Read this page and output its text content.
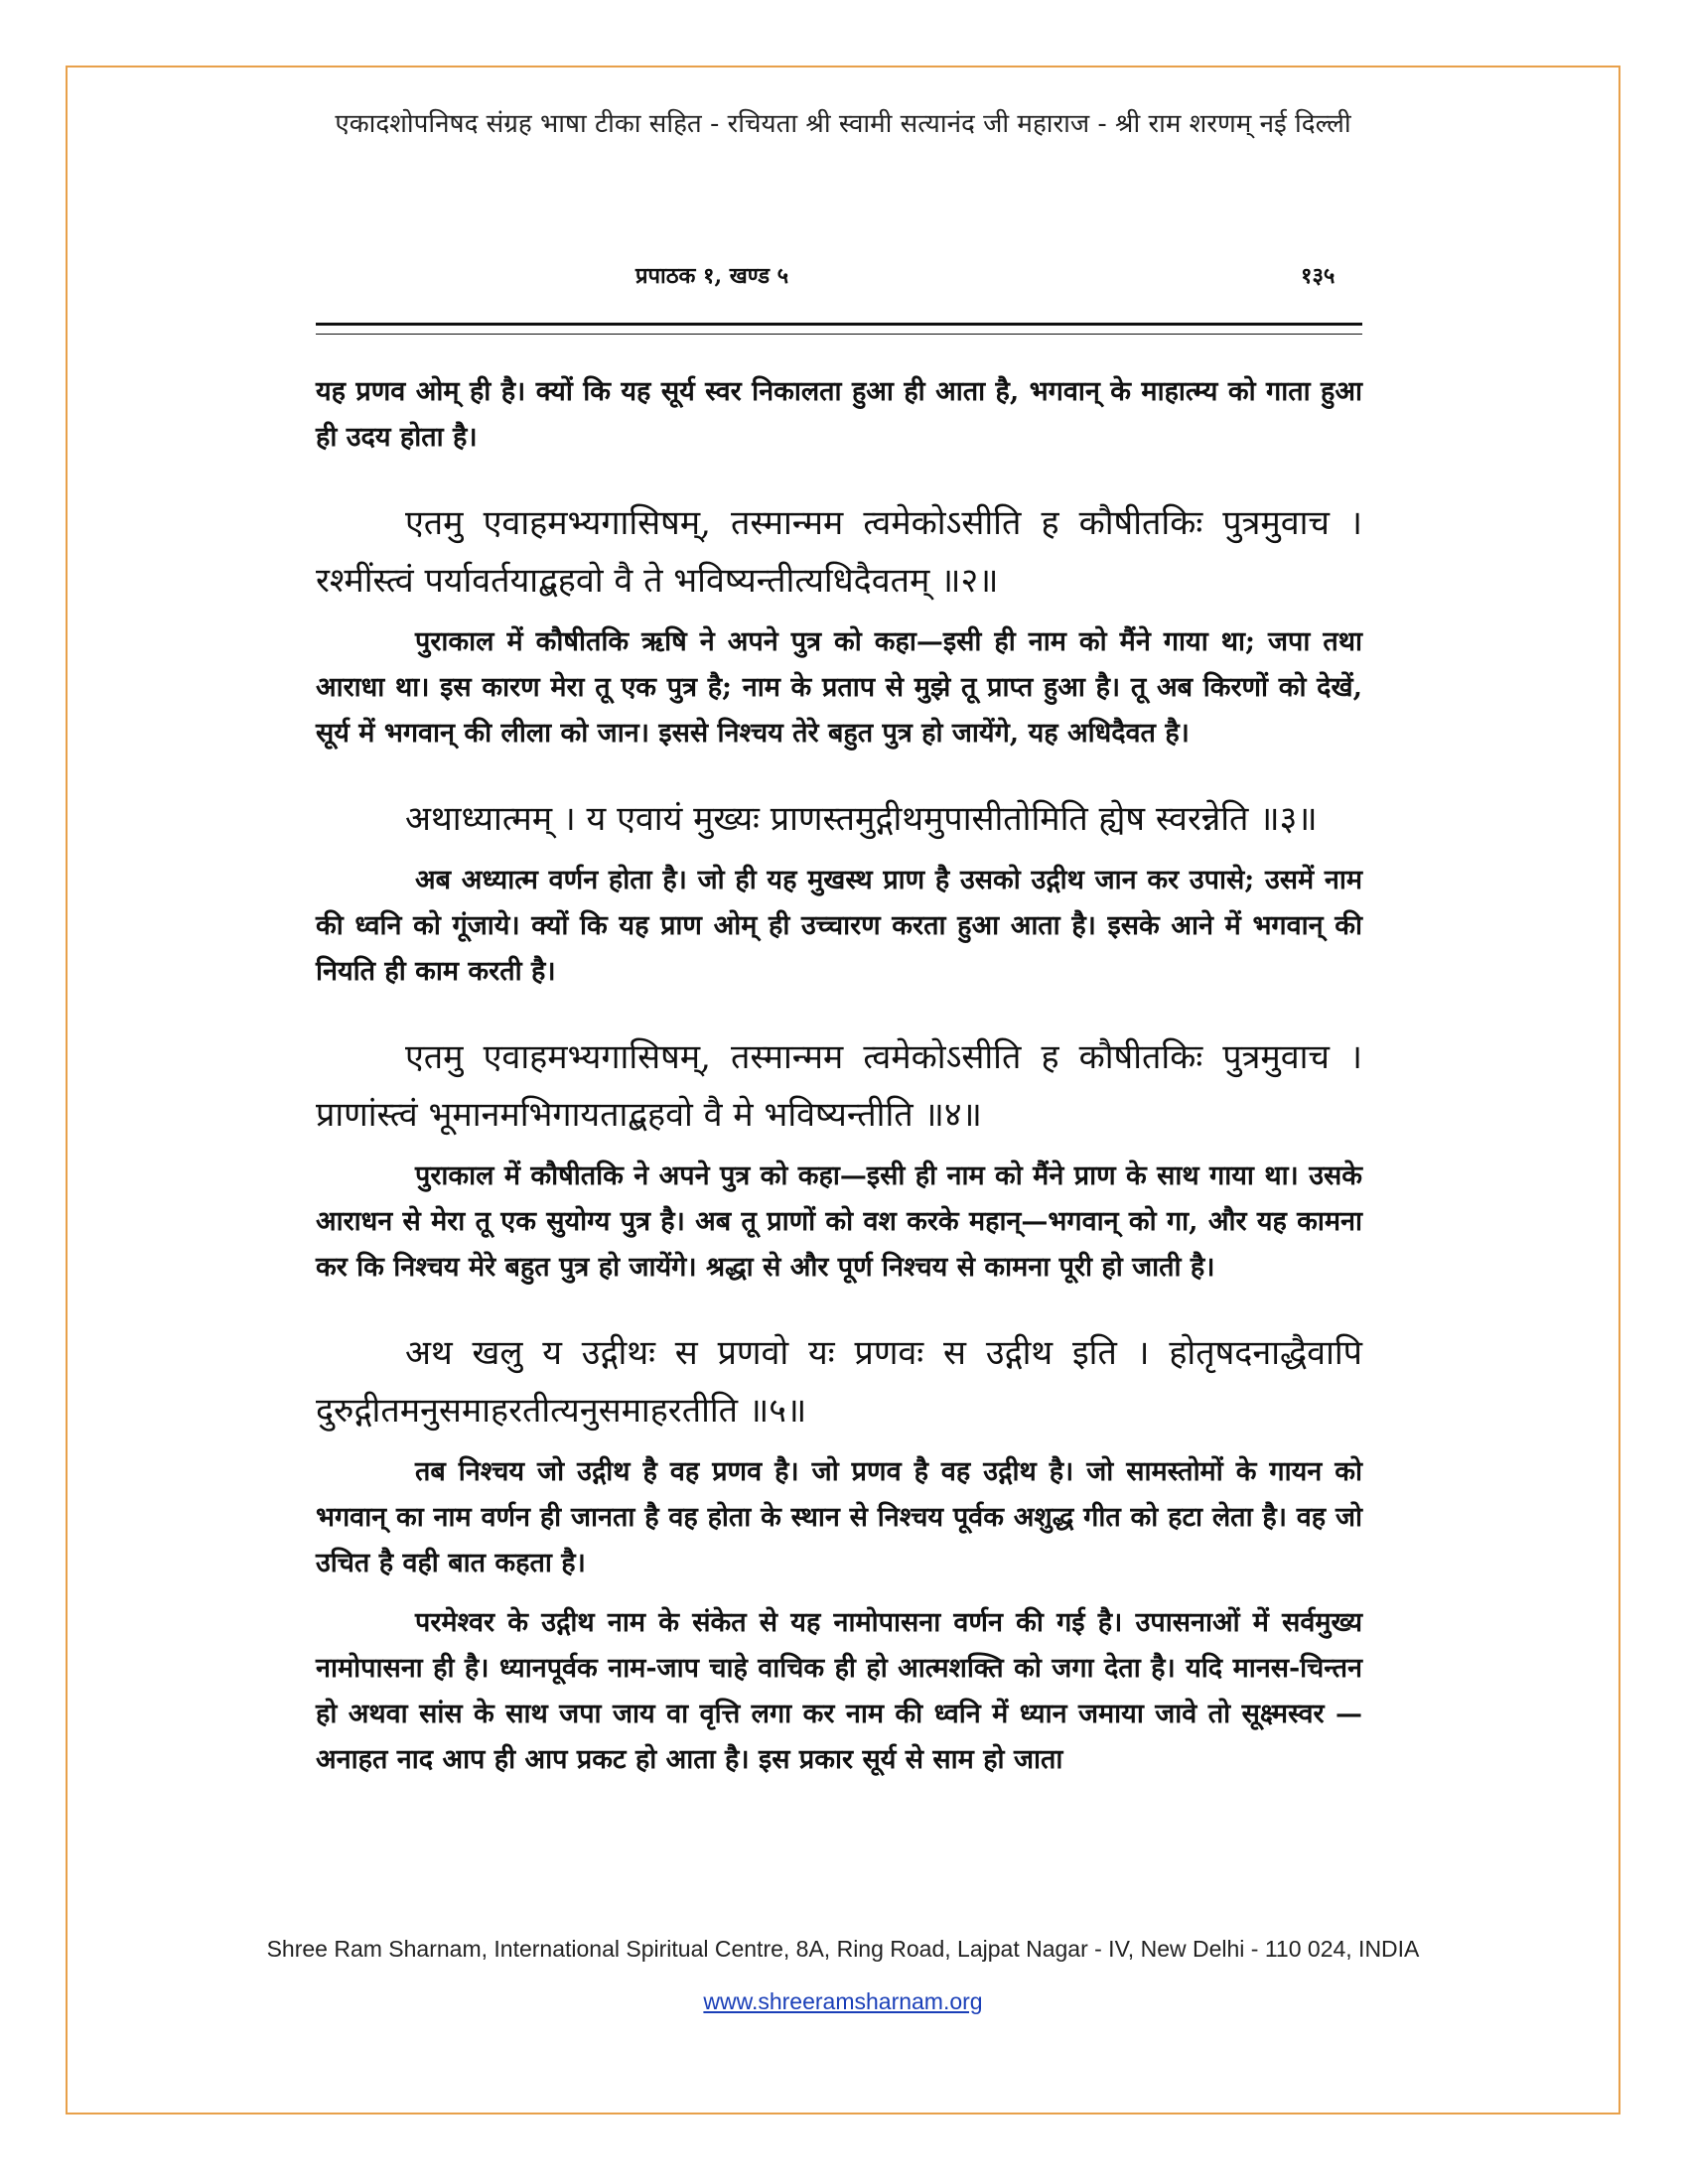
एकादशोपनिषद संग्रह भाषा टीका सहित - रचियता श्री स्वामी सत्यानंद जी महाराज - श्री राम शरणम् नई दिल्ली
प्रपाठक १, खण्ड ५	१३५

यह प्रणव ओम् ही है। क्यों कि यह सूर्य स्वर निकालता हुआ ही आता है, भगवान् के माहात्म्य को गाता हुआ ही उदय होता है।

एतमु एवाहमभ्यगासिषम्, तस्मान्मम त्वमेकोऽसीति ह कौषीतकिः पुत्रमुवाच । रश्मींस्त्वं पर्यावर्तयाद्बहवो वै ते भविष्यन्तीत्यधिदैवतम् ॥२॥

पुराकाल में कौषीतकि ऋषि ने अपने पुत्र को कहा—इसी ही नाम को मैंने गाया था; जपा तथा आराधा था। इस कारण मेरा तू एक पुत्र है; नाम के प्रताप से मुझे तू प्राप्त हुआ है। तू अब किरणों को देखें, सूर्य में भगवान् की लीला को जान। इससे निश्चय तेरे बहुत पुत्र हो जायेंगे, यह अधिदैवत है।

अथाध्यात्मम् । य एवायं मुख्यः प्राणस्तमुद्गीथमुपासीतोमिति ह्येष स्वरन्नेति ॥३॥

अब अध्यात्म वर्णन होता है। जो ही यह मुखस्थ प्राण है उसको उद्गीथ जान कर उपासे; उसमें नाम की ध्वनि को गूंजाये। क्यों कि यह प्राण ओम् ही उच्चारण करता हुआ आता है। इसके आने में भगवान् की नियति ही काम करती है।

एतमु एवाहमभ्यगासिषम्, तस्मान्मम त्वमेकोऽसीति ह कौषीतकिः पुत्रमुवाच । प्राणांस्त्वं भूमानमभिगायताद्बहवो वै मे भविष्यन्तीति ॥४॥

पुराकाल में कौषीतकि ने अपने पुत्र को कहा—इसी ही नाम को मैंने प्राण के साथ गाया था। उसके आराधन से मेरा तू एक सुयोग्य पुत्र है। अब तू प्राणों को वश करके महान्—भगवान् को गा, और यह कामना कर कि निश्चय मेरे बहुत पुत्र हो जायेंगे। श्रद्धा से और पूर्ण निश्चय से कामना पूरी हो जाती है।

अथ खलु य उद्गीथः स प्रणवो यः प्रणवः स उद्गीथ इति । होतृषदनाद्धैवापि दुरुद्गीतमनुसमाहरतीत्यनुसमाहरतीति ॥५॥

तब निश्चय जो उद्गीथ है वह प्रणव है। जो प्रणव है वह उद्गीथ है। जो सामस्तोमों के गायन को भगवान् का नाम वर्णन ही जानता है वह होता के स्थान से निश्चय पूर्वक अशुद्ध गीत को हटा लेता है। वह जो उचित है वही बात कहता है।

परमेश्वर के उद्गीथ नाम के संकेत से यह नामोपासना वर्णन की गई है। उपासनाओं में सर्वमुख्य नामोपासना ही है। ध्यानपूर्वक नाम-जाप चाहे वाचिक ही हो आत्मशक्ति को जगा देता है। यदि मानस-चिन्तन हो अथवा सांस के साथ जपा जाय वा वृत्ति लगा कर नाम की ध्वनि में ध्यान जमाया जावे तो सूक्ष्मस्वर — अनाहत नाद आप ही आप प्रकट हो आता है। इस प्रकार सूर्य से साम हो जाता

Shree Ram Sharnam, International Spiritual Centre, 8A, Ring Road, Lajpat Nagar - IV, New Delhi - 110 024, INDIA
www.shreeramsharnam.org
